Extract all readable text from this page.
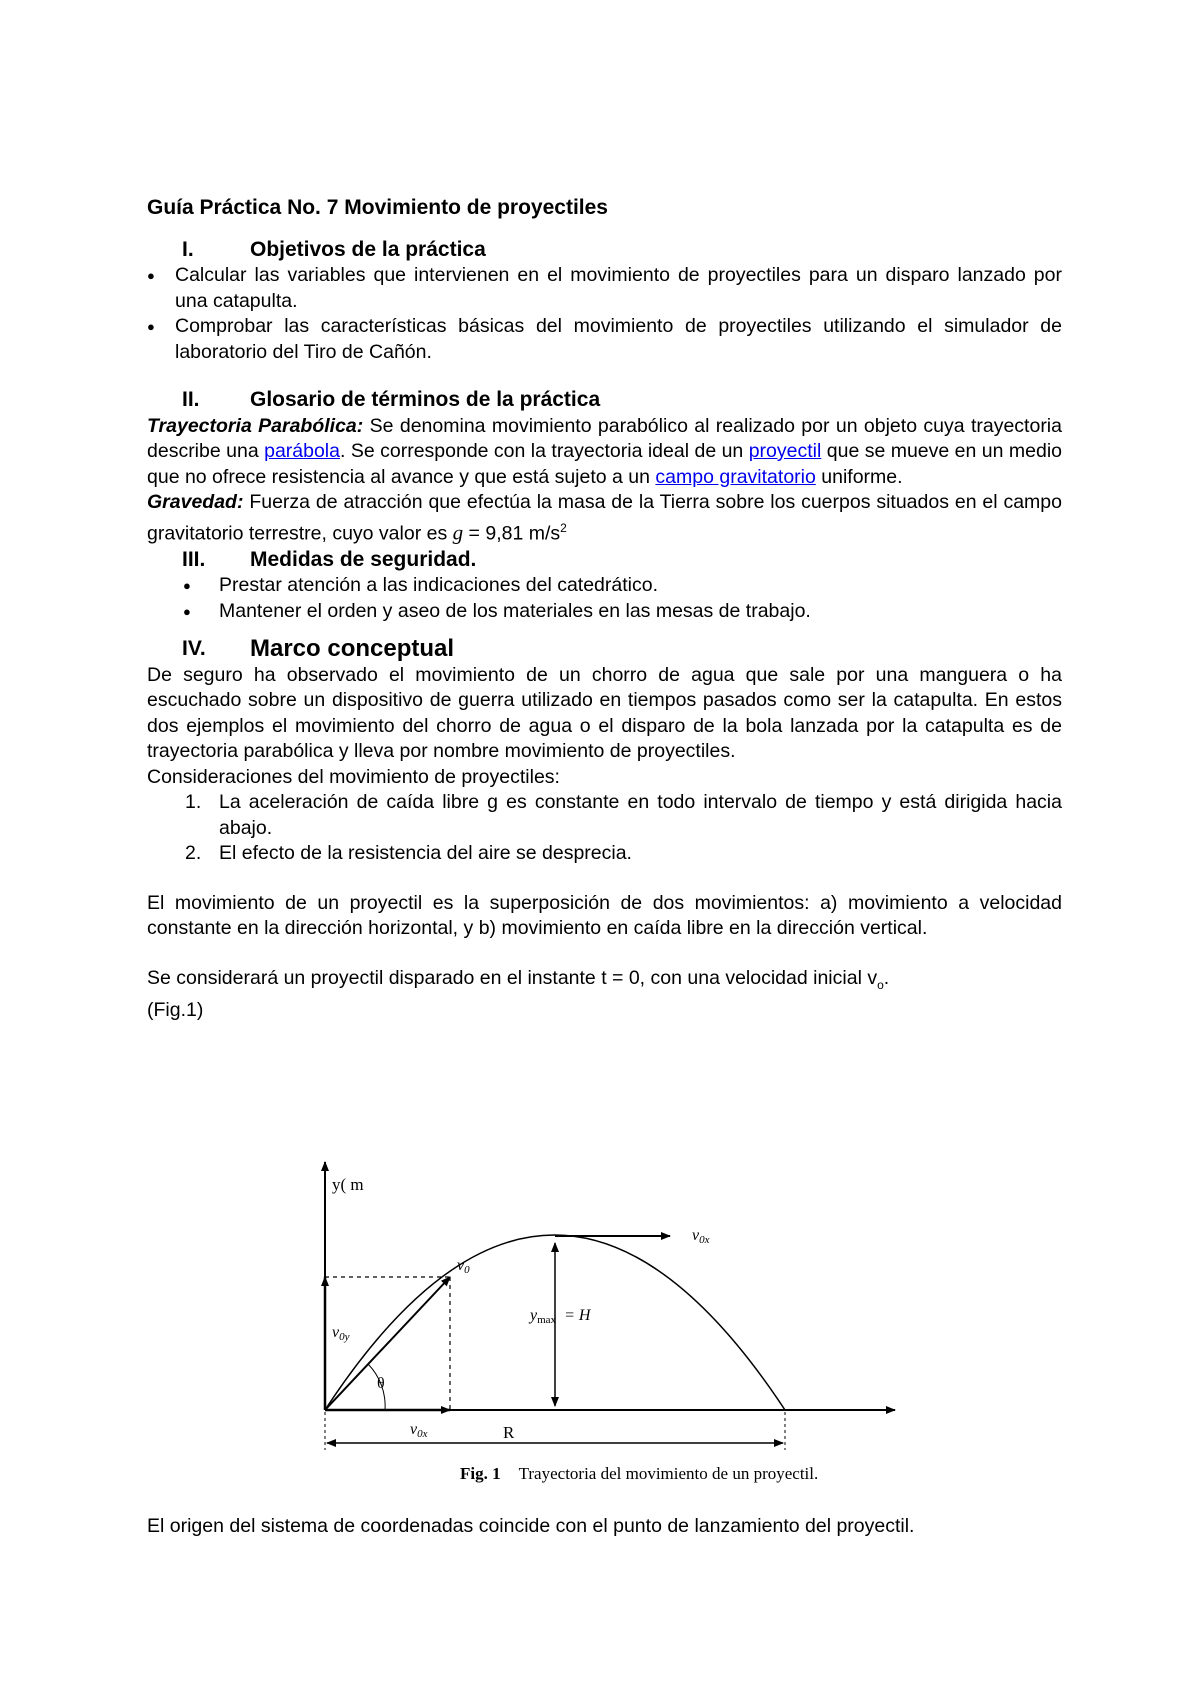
Guía Práctica No. 7 Movimiento de proyectiles
I.	Objetivos de la práctica
● Calcular las variables que intervienen en el movimiento de proyectiles para un disparo lanzado por una catapulta.
● Comprobar las características básicas del movimiento de proyectiles utilizando el simulador de laboratorio del Tiro de Cañón.
II.	Glosario de términos de la práctica

Trayectoria Parabólica: Se denomina movimiento parabólico al realizado por un objeto cuya trayectoria describe una parábola. Se corresponde con la trayectoria ideal de un proyectil que se mueve en un medio que no ofrece resistencia al avance y que está sujeto a un campo gravitatorio uniforme.

Gravedad: Fuerza de atracción que efectúa la masa de la Tierra sobre los cuerpos situados en el campo gravitatorio terrestre, cuyo valor es g = 9,81 $m/s^2$

III.	Medidas de seguridad.
● Prestar atención a las indicaciones del catedrático.
● Mantener el orden y aseo de los materiales en las mesas de trabajo.
IV.	Marco conceptual

De seguro ha observado el movimiento de un chorro de agua que sale por una manguera o ha escuchado sobre un dispositivo de guerra utilizado en tiempos pasados como ser la catapulta. En estos dos ejemplos el movimiento del chorro de agua o el disparo de la bola lanzada por la catapulta es de trayectoria parabólica y lleva por nombre movimiento de proyectiles.

Consideraciones del movimiento de proyectiles:

1. La aceleración de caída libre g es constante en todo intervalo de tiempo y está dirigida hacia abajo.
2. El efecto de la resistencia del aire se desprecia.

El movimiento de un proyectil es la superposición de dos movimientos: a) movimiento a velocidad constante en la dirección horizontal, y b) movimiento en caída libre en la dirección vertical.

Se considerará un proyectil disparado en el instante t = 0, con una velocidad inicial $v_o$.

(Fig.1)

y( m
v0
v0y
θ
v0x
v0x
ymax = H
R
Fig. 1 Trayectoria del movimiento de un proyectil.
El origen del sistema de coordenadas coincide con el punto de lanzamiento del proyectil.
